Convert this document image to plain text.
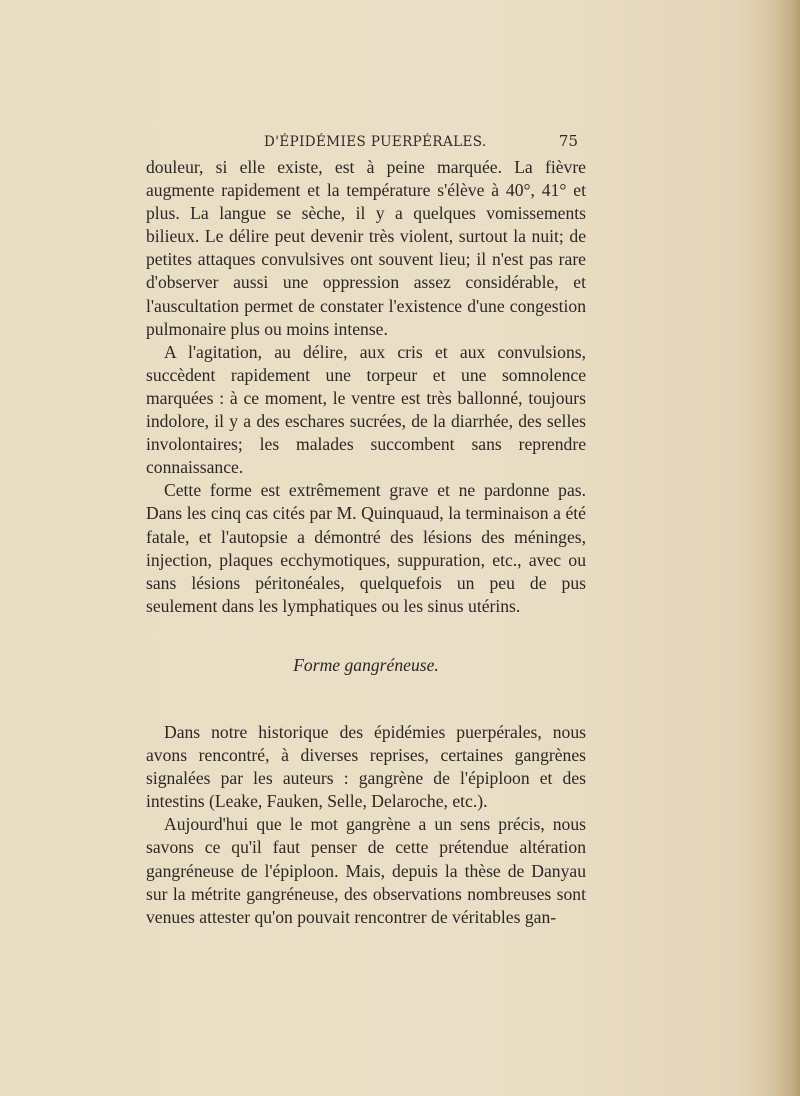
D'ÉPIDÉMIES PUERPÉRALES.	75

douleur, si elle existe, est à peine marquée. La fièvre augmente rapidement et la température s'élève à 40°, 41° et plus. La langue se sèche, il y a quelques vomissements bilieux. Le délire peut devenir très violent, surtout la nuit; de petites attaques convulsives ont souvent lieu; il n'est pas rare d'observer aussi une oppression assez considérable, et l'auscultation permet de constater l'existence d'une congestion pulmonaire plus ou moins intense.

A l'agitation, au délire, aux cris et aux convulsions, succèdent rapidement une torpeur et une somnolence marquées : à ce moment, le ventre est très ballonné, toujours indolore, il y a des eschares sucrées, de la diarrhée, des selles involontaires; les malades succombent sans reprendre connaissance.

Cette forme est extrêmement grave et ne pardonne pas. Dans les cinq cas cités par M. Quinquaud, la terminaison a été fatale, et l'autopsie a démontré des lésions des méninges, injection, plaques ecchymotiques, suppuration, etc., avec ou sans lésions péritonéales, quelquefois un peu de pus seulement dans les lymphatiques ou les sinus utérins.

Forme gangréneuse.

Dans notre historique des épidémies puerpérales, nous avons rencontré, à diverses reprises, certaines gangrènes signalées par les auteurs : gangrène de l'épiploon et des intestins (Leake, Fauken, Selle, Delaroche, etc.).

Aujourd'hui que le mot gangrène a un sens précis, nous savons ce qu'il faut penser de cette prétendue altération gangréneuse de l'épiploon. Mais, depuis la thèse de Danyau sur la métrite gangréneuse, des observations nombreuses sont venues attester qu'on pouvait rencontrer de véritables gan-
